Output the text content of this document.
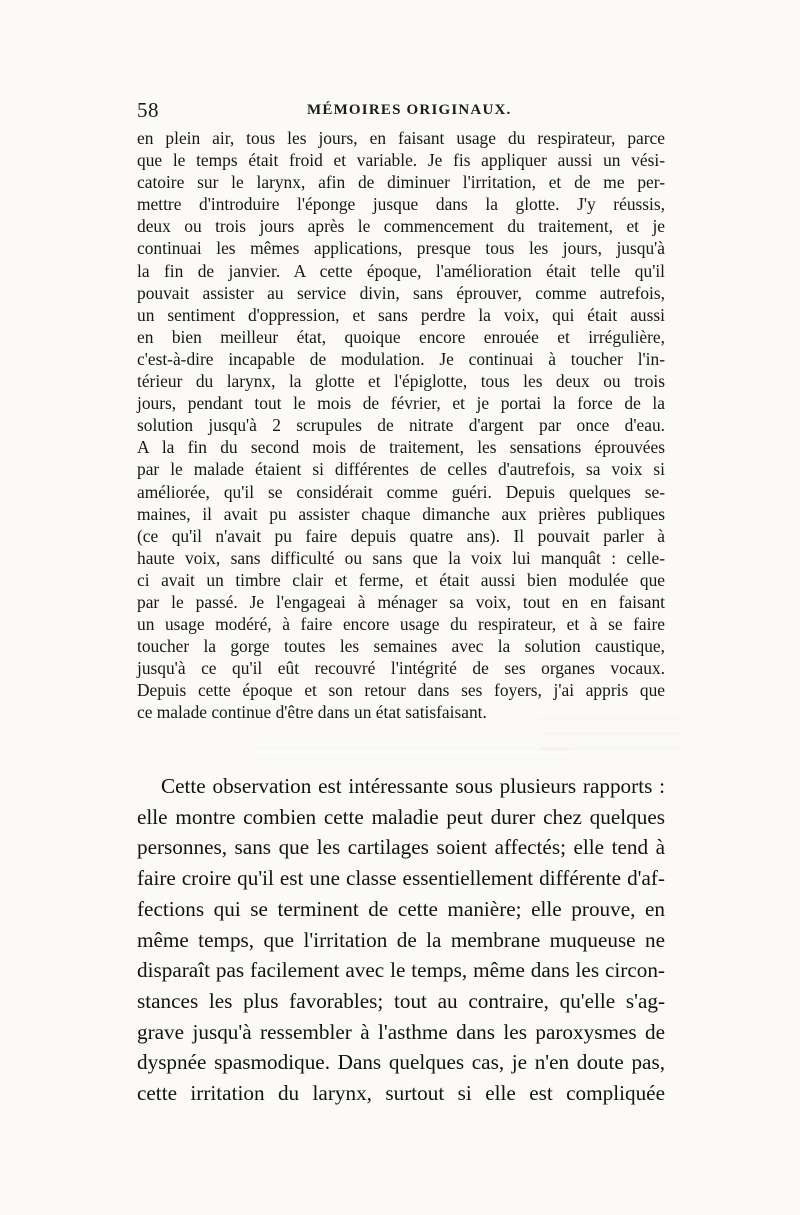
58	MÉMOIRES ORIGINAUX.
en plein air, tous les jours, en faisant usage du respirateur, parce
que le temps était froid et variable. Je fis appliquer aussi un vési-
catoire sur le larynx, afin de diminuer l'irritation, et de me per-
mettre d'introduire l'éponge jusque dans la glotte. J'y réussis,
deux ou trois jours après le commencement du traitement, et je
continuai les mêmes applications, presque tous les jours, jusqu'à
la fin de janvier. A cette époque, l'amélioration était telle qu'il
pouvait assister au service divin, sans éprouver, comme autrefois,
un sentiment d'oppression, et sans perdre la voix, qui était aussi
en bien meilleur état, quoique encore enrouée et irrégulière,
c'est-à-dire incapable de modulation. Je continuai à toucher l'in-
térieur du larynx, la glotte et l'épiglotte, tous les deux ou trois
jours, pendant tout le mois de février, et je portai la force de la
solution jusqu'à 2 scrupules de nitrate d'argent par once d'eau.
A la fin du second mois de traitement, les sensations éprouvées
par le malade étaient si différentes de celles d'autrefois, sa voix si
améliorée, qu'il se considérait comme guéri. Depuis quelques se-
maines, il avait pu assister chaque dimanche aux prières publiques
(ce qu'il n'avait pu faire depuis quatre ans). Il pouvait parler à
haute voix, sans difficulté ou sans que la voix lui manquât : celle-
ci avait un timbre clair et ferme, et était aussi bien modulée que
par le passé. Je l'engageai à ménager sa voix, tout en en faisant
un usage modéré, à faire encore usage du respirateur, et à se faire
toucher la gorge toutes les semaines avec la solution caustique,
jusqu'à ce qu'il eût recouvré l'intégrité de ses organes vocaux.
Depuis cette époque et son retour dans ses foyers, j'ai appris que
ce malade continue d'être dans un état satisfaisant.
Cette observation est intéressante sous plusieurs rapports :
elle montre combien cette maladie peut durer chez quelques
personnes, sans que les cartilages soient affectés; elle tend à
faire croire qu'il est une classe essentiellement différente d'af-
fections qui se terminent de cette manière; elle prouve, en
même temps, que l'irritation de la membrane muqueuse ne
disparaît pas facilement avec le temps, même dans les circon-
stances les plus favorables; tout au contraire, qu'elle s'ag-
grave jusqu'à ressembler à l'asthme dans les paroxysmes de
dyspnée spasmodique. Dans quelques cas, je n'en doute pas,
cette irritation du larynx, surtout si elle est compliquée
